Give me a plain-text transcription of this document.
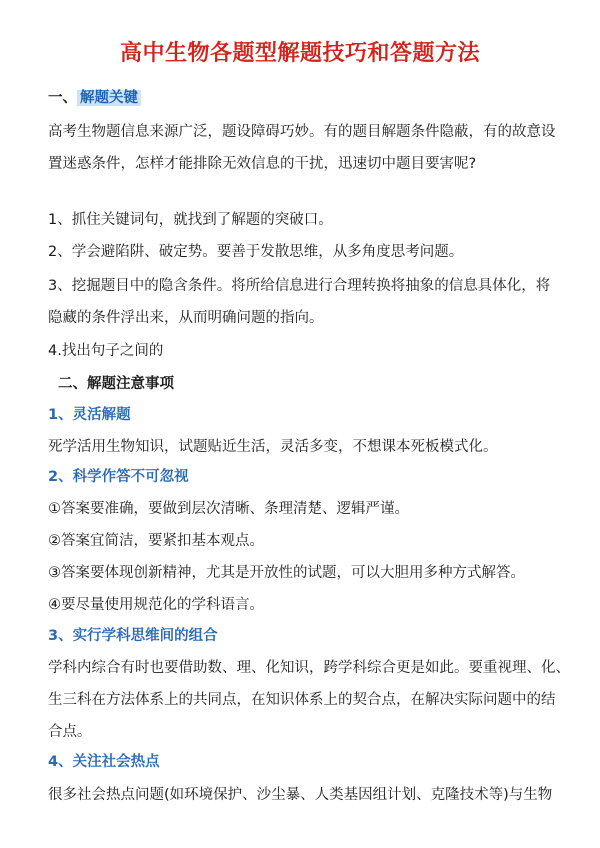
高中生物各题型解题技巧和答题方法
一、 解题关键
高考生物题信息来源广泛，题设障碍巧妙。有的题目解题条件隐蔽，有的故意设
置迷惑条件，怎样才能排除无效信息的干扰，迅速切中题目要害呢?
1、抓住关键词句，就找到了解题的突破口。
2、学会避陷阱、破定势。要善于发散思维，从多角度思考问题。
3、挖掘题目中的隐含条件。将所给信息进行合理转换将抽象的信息具体化，将
隐藏的条件浮出来，从而明确问题的指向。
4.找出句子之间的
二、解题注意事项
1、灵活解题
死学活用生物知识，试题贴近生活，灵活多变，不想课本死板模式化。
2、科学作答不可忽视
①答案要准确，要做到层次清晰、条理清楚、逻辑严谨。
②答案宜简洁，要紧扣基本观点。
③答案要体现创新精神，尤其是开放性的试题，可以大胆用多种方式解答。
④要尽量使用规范化的学科语言。
3、实行学科思维间的组合
学科内综合有时也要借助数、理、化知识，跨学科综合更是如此。要重视理、化、
生三科在方法体系上的共同点，在知识体系上的契合点，在解决实际问题中的结
合点。
4、关注社会热点
很多社会热点问题(如环境保护、沙尘暴、人类基因组计划、克隆技术等)与生物
